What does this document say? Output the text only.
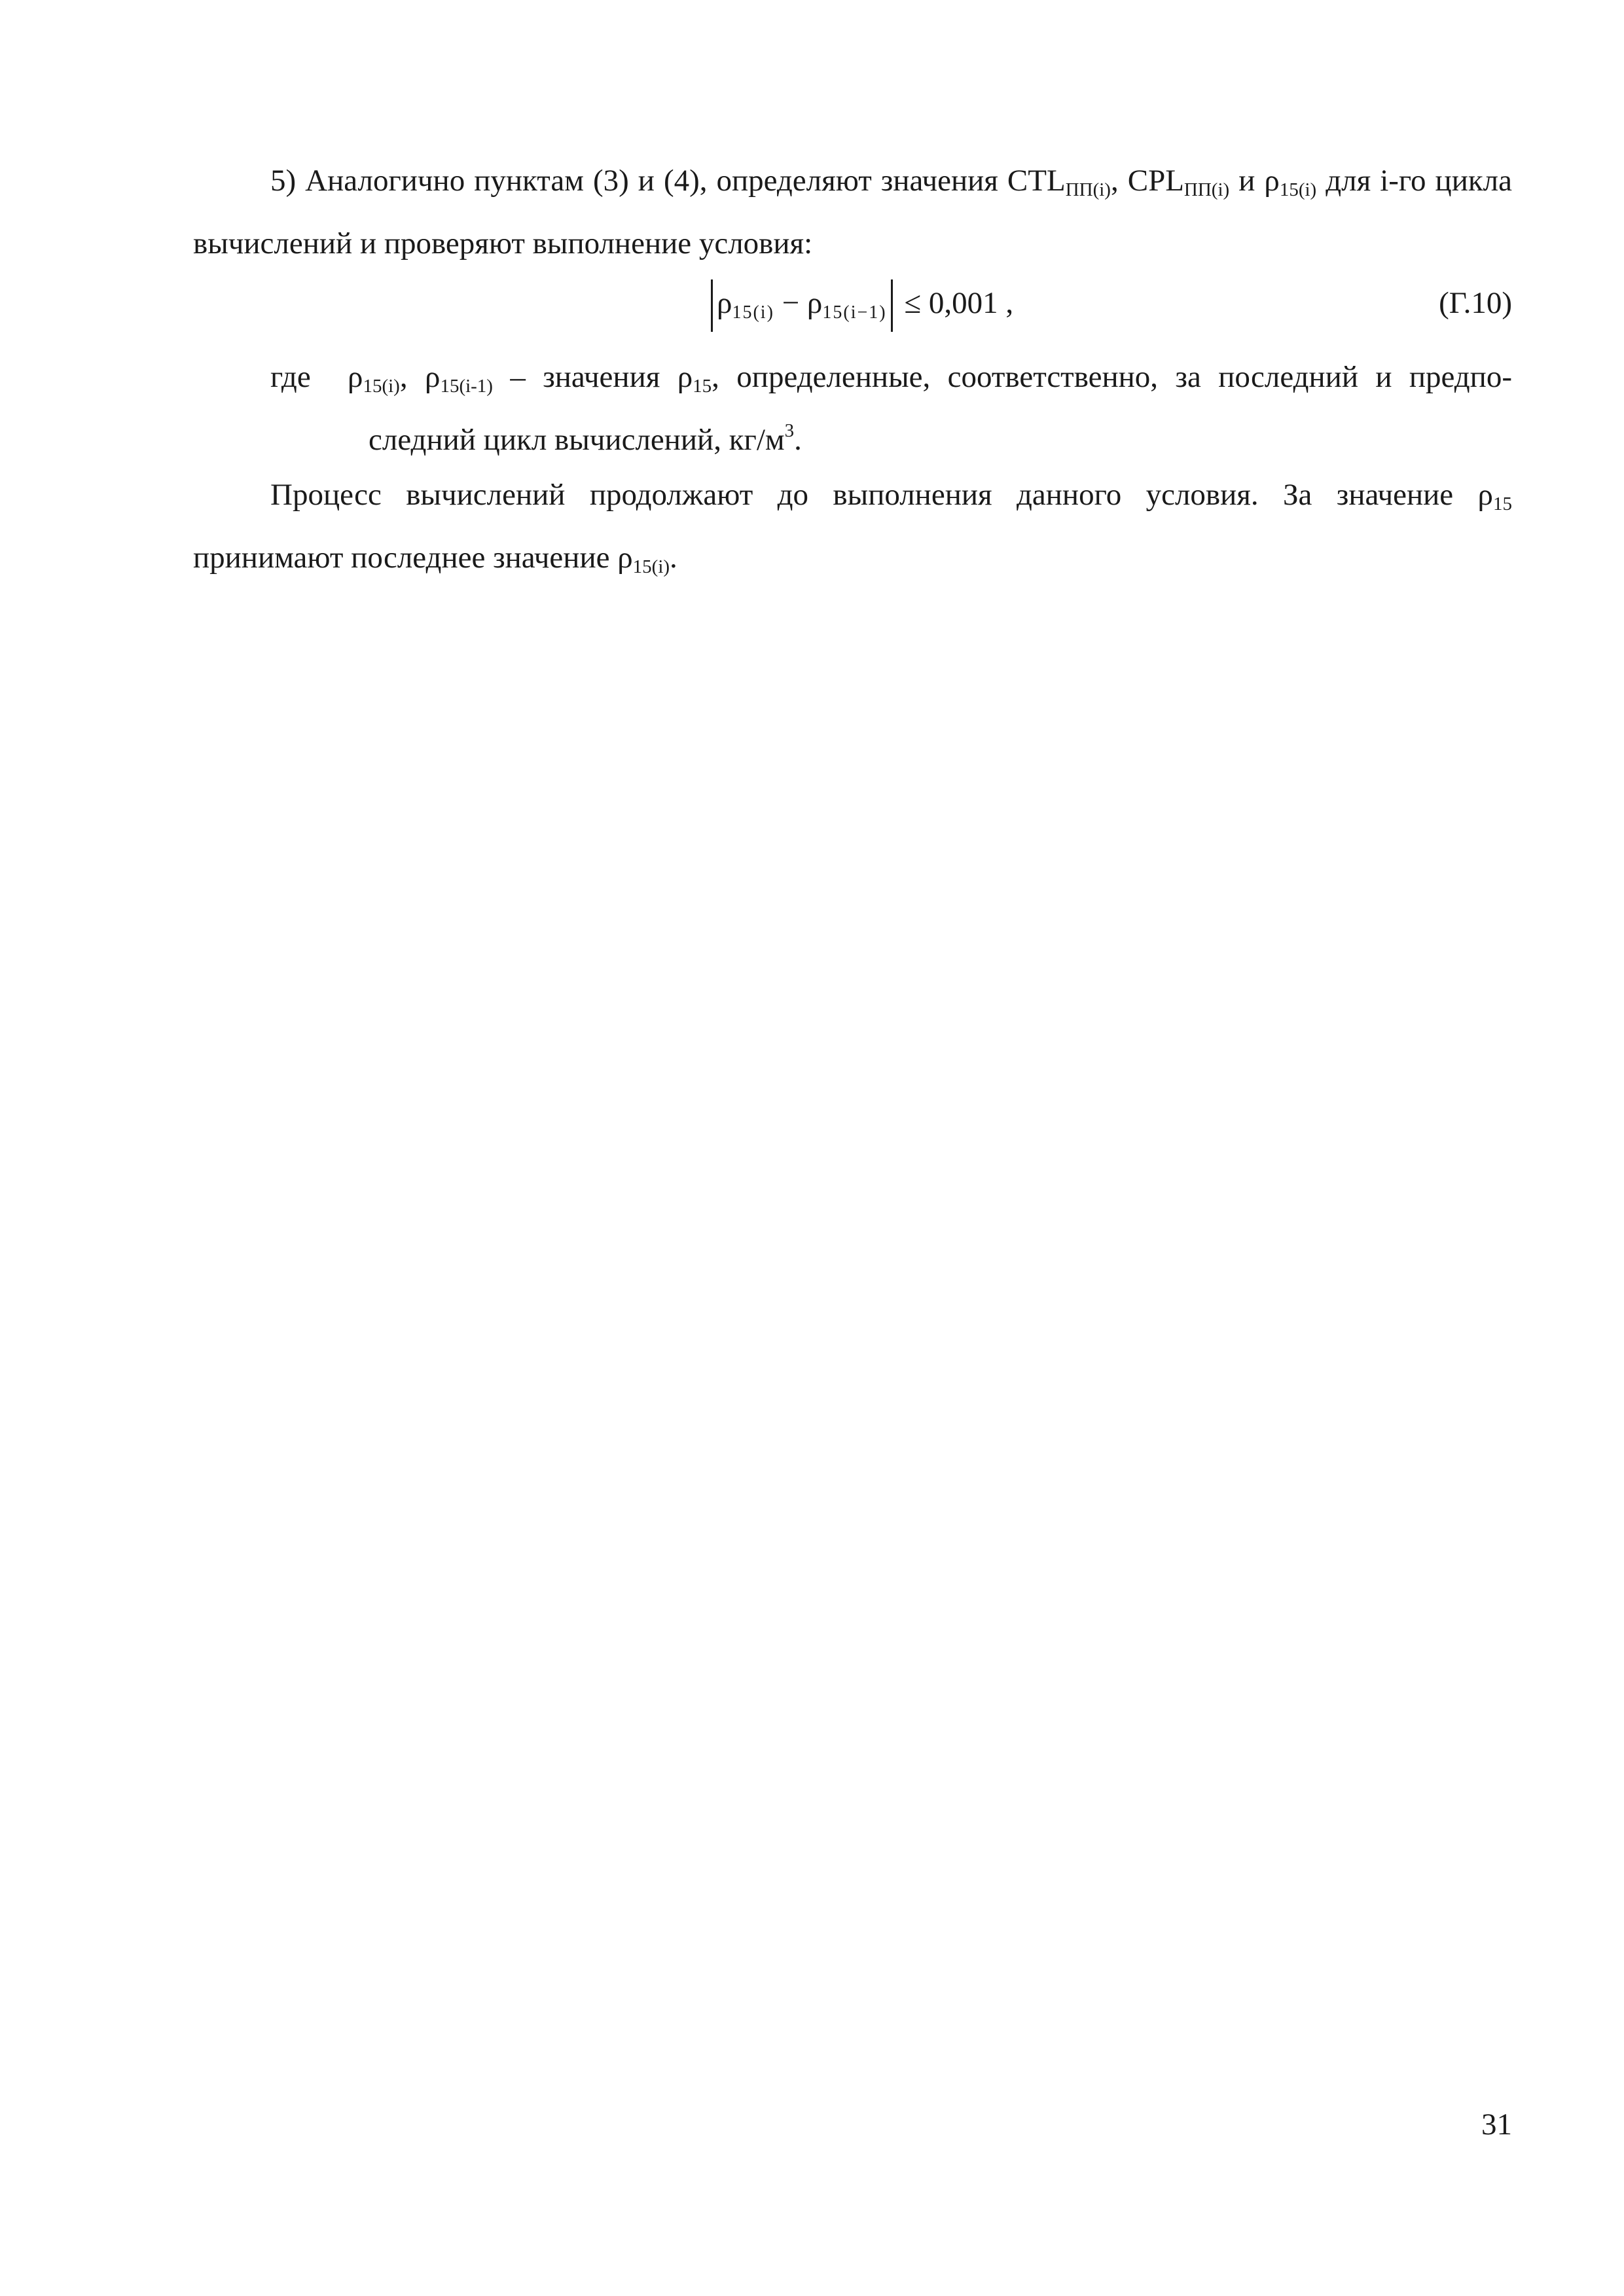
5) Аналогично пунктам (3) и (4), определяют значения $CTL_{ПП(i)}$, $CPL_{ПП(i)}$ и $\rho_{15(i)}$ для i-го цикла вычислений и проверяют выполнение условия:
$\rho_{15(i)} - \rho_{15(i-1)} \le 0,001$ ,	(Г.10)
где $\rho_{15(i)}$, $\rho_{15(i-1)}$ – значения $\rho_{15}$, определенные, соответственно, за последний и предпо-
следний цикл вычислений, $кг/м^3$.
Процесс вычислений продолжают до выполнения данного условия. За значение $\rho_{15}$ принимают последнее значение $\rho_{15(i)}$.
31
